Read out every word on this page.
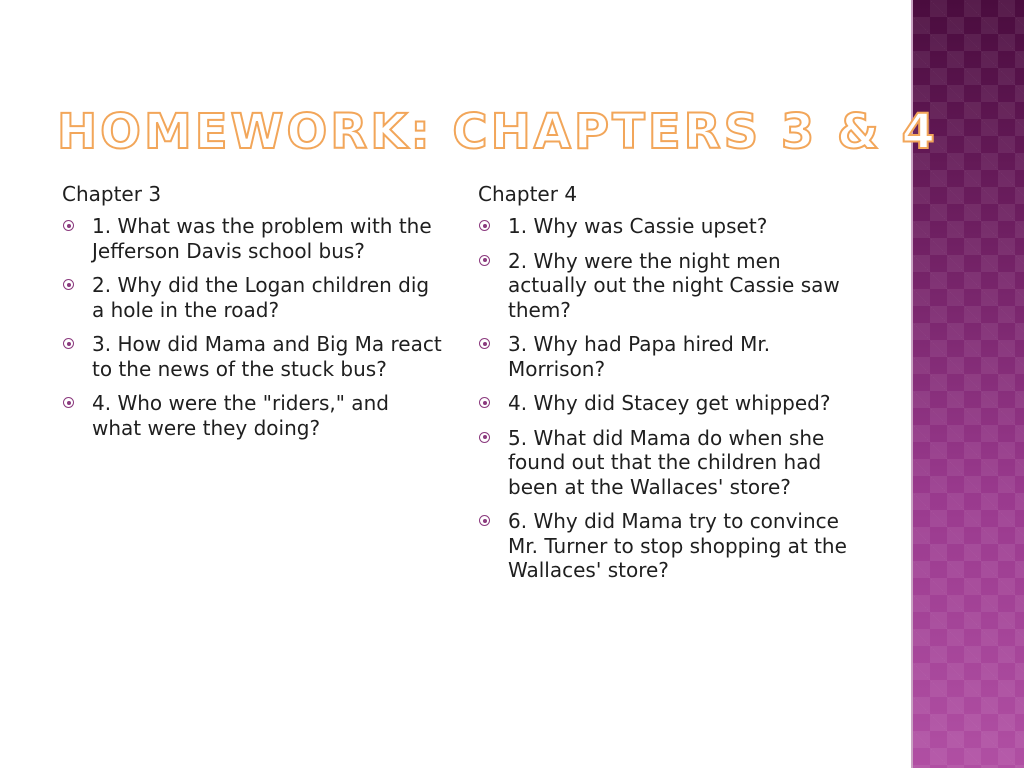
HOMEWORK: CHAPTERS 3 & 4
Chapter 3
1. What was the problem with the Jefferson Davis school bus?
2. Why did the Logan children dig a hole in the road?
3. How did Mama and Big Ma react to the news of the stuck bus?
4. Who were the "riders," and what were they doing?
Chapter 4
1. Why was Cassie upset?
2. Why were the night men actually out the night Cassie saw them?
3. Why had Papa hired Mr. Morrison?
4. Why did Stacey get whipped?
5. What did Mama do when she found out that the children had been at the Wallaces' store?
6. Why did Mama try to convince Mr. Turner to stop shopping at the Wallaces' store?
